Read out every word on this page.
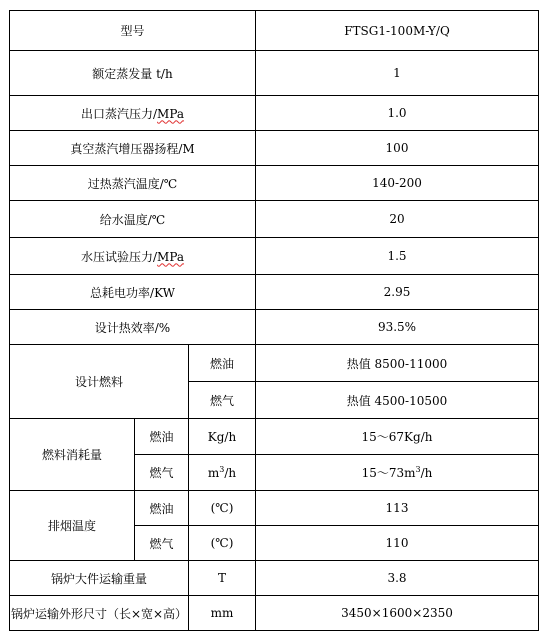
型号			FTSG1-100M-Y/Q
额定蒸发量 t/h			1
出口蒸汽压力/MPa			1.0
真空蒸汽增压器扬程/M			100
过热蒸汽温度/℃			140-200
给水温度/℃			20
水压试验压力/MPa			1.5
总耗电功率/KW			2.95
设计热效率/%			93.5%
设计燃料		燃油	热值 8500-11000
		燃气	热值 4500-10500
燃料消耗量	燃油	Kg/h	15～67Kg/h
	燃气	$m^3/h$	$15\sim 73m^3/h$
排烟温度	燃油	(℃)	113
	燃气	(℃)	110
锅炉大件运输重量		T	3.8
锅炉运输外形尺寸（长×宽×高）		mm	3450×1600×2350
